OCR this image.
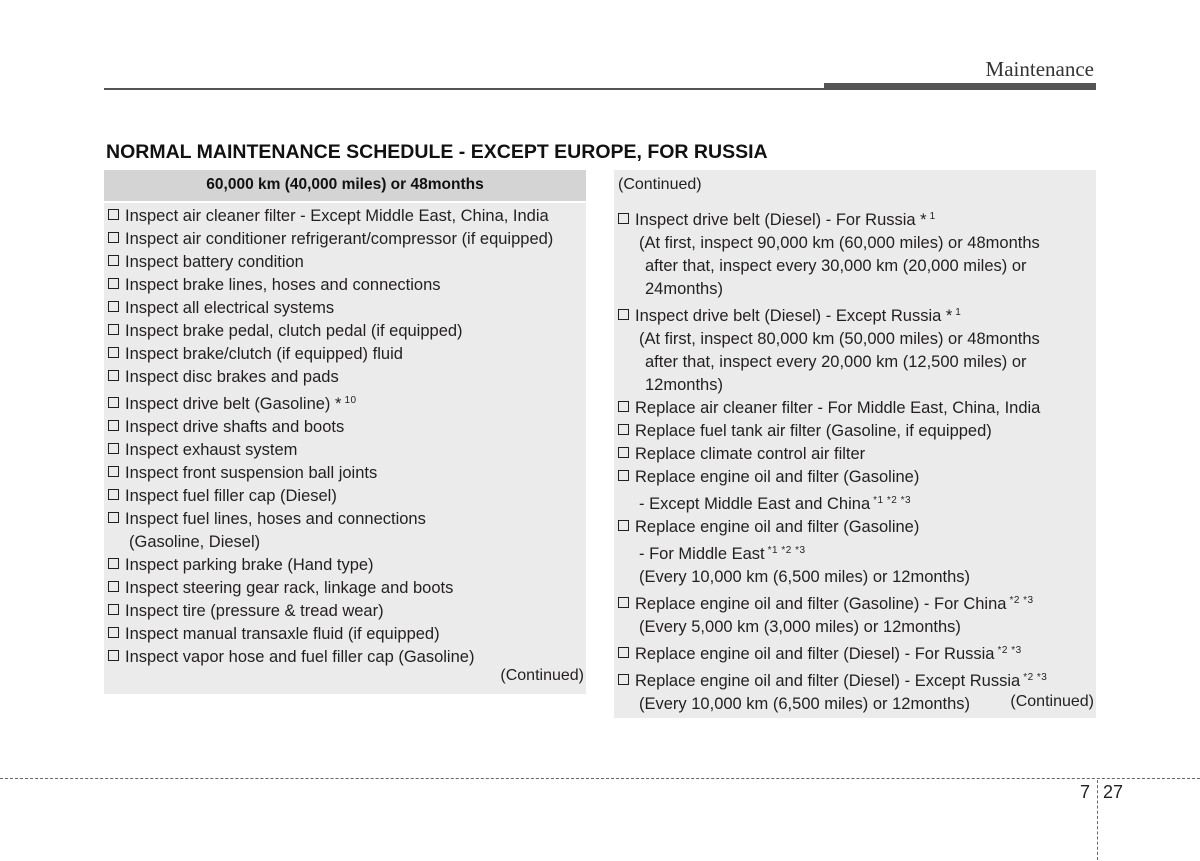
Maintenance
NORMAL MAINTENANCE SCHEDULE - EXCEPT EUROPE, FOR RUSSIA
60,000 km (40,000 miles) or 48months
Inspect air cleaner filter - Except Middle East, China, India
Inspect air conditioner refrigerant/compressor (if equipped)
Inspect battery condition
Inspect brake lines, hoses and connections
Inspect all electrical systems
Inspect brake pedal, clutch pedal (if equipped)
Inspect brake/clutch (if equipped) fluid
Inspect disc brakes and pads
Inspect drive belt (Gasoline) * $^{10}$
Inspect drive shafts and boots
Inspect exhaust system
Inspect front suspension ball joints
Inspect fuel filler cap (Diesel)
Inspect fuel lines, hoses and connections
(Gasoline, Diesel)
Inspect parking brake (Hand type)
Inspect steering gear rack, linkage and boots
Inspect tire (pressure & tread wear)
Inspect manual transaxle fluid (if equipped)
Inspect vapor hose and fuel filler cap (Gasoline)
(Continued)
(Continued)
Inspect drive belt (Diesel) - For Russia * $^1$
(At first, inspect 90,000 km (60,000 miles) or 48months
after that, inspect every 30,000 km (20,000 miles) or
24months)
Inspect drive belt (Diesel) - Except Russia * $^1$
(At first, inspect 80,000 km (50,000 miles) or 48months
after that, inspect every 20,000 km (12,500 miles) or
12months)
Replace air cleaner filter - For Middle East, China, India
Replace fuel tank air filter (Gasoline, if equipped)
Replace climate control air filter
Replace engine oil and filter (Gasoline)
- Except Middle East and China $^{*1 *2 *3}$
Replace engine oil and filter (Gasoline)
- For Middle East $^{*1 *2 *3}$
(Every 10,000 km (6,500 miles) or 12months)
Replace engine oil and filter (Gasoline) - For China $^{*2 *3}$
(Every 5,000 km (3,000 miles) or 12months)
Replace engine oil and filter (Diesel) - For Russia $^{*2 *3}$
Replace engine oil and filter (Diesel) - Except Russia $^{*2 *3}$
(Every 10,000 km (6,500 miles) or 12months)	(Continued)
7 27
